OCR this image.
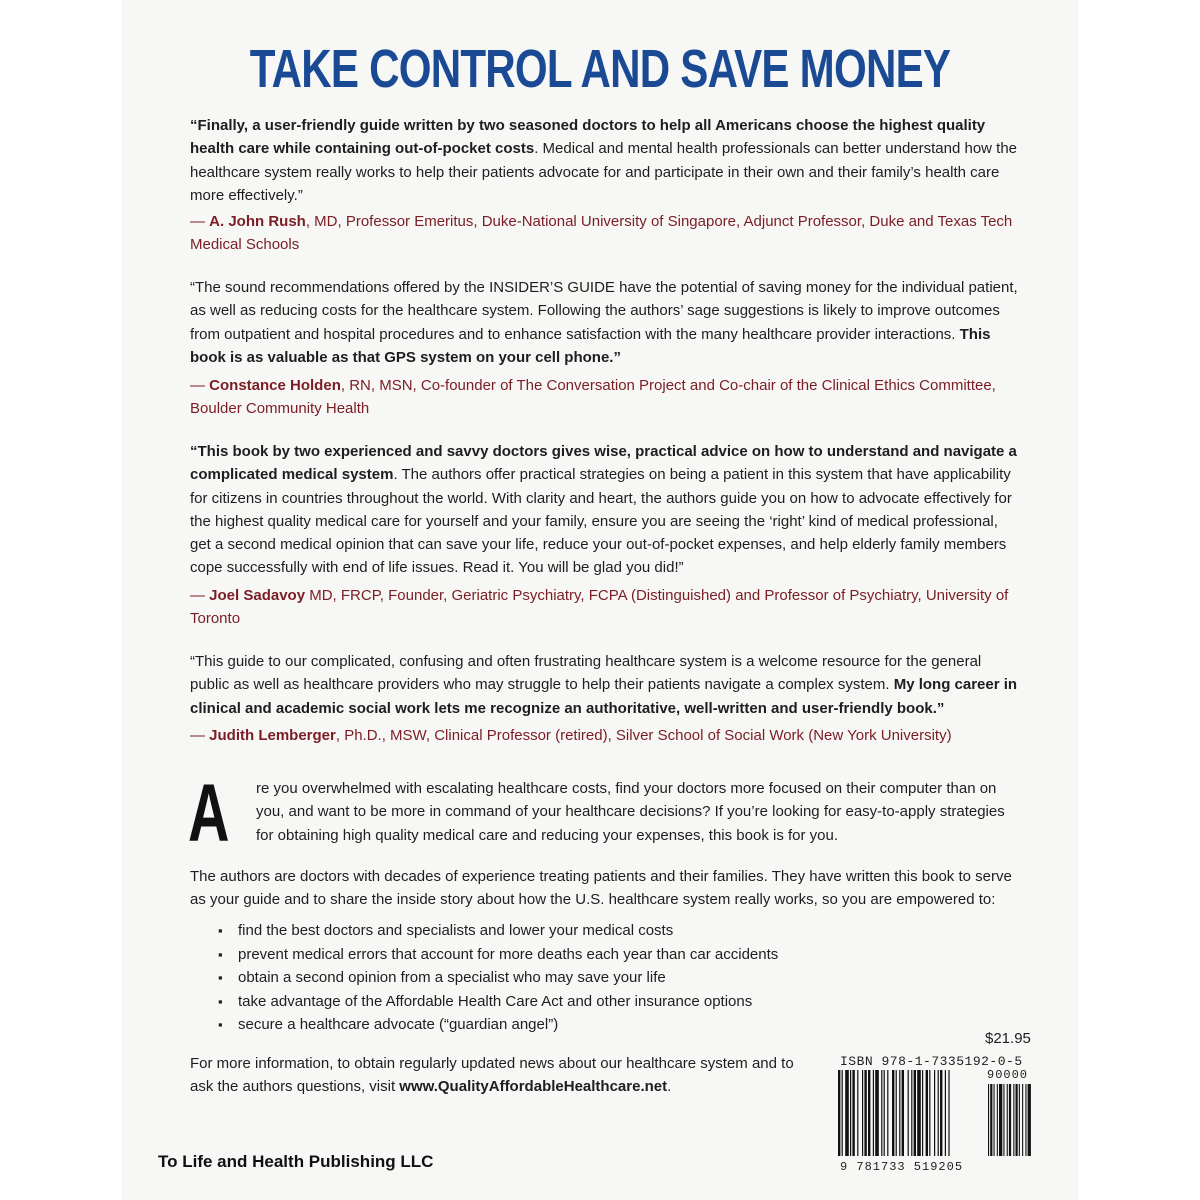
TAKE CONTROL AND SAVE MONEY
“Finally, a user-friendly guide written by two seasoned doctors to help all Americans choose the highest quality health care while containing out-of-pocket costs. Medical and mental health professionals can better understand how the healthcare system really works to help their patients advocate for and participate in their own and their family’s health care more effectively.”
— A. John Rush, MD, Professor Emeritus, Duke-National University of Singapore, Adjunct Professor, Duke and Texas Tech Medical Schools
“The sound recommendations offered by the INSIDER’S GUIDE have the potential of saving money for the individual patient, as well as reducing costs for the healthcare system. Following the authors’ sage suggestions is likely to improve outcomes from outpatient and hospital procedures and to enhance satisfaction with the many healthcare provider interactions. This book is as valuable as that GPS system on your cell phone.”
— Constance Holden, RN, MSN, Co-founder of The Conversation Project and Co-chair of the Clinical Ethics Committee, Boulder Community Health
“This book by two experienced and savvy doctors gives wise, practical advice on how to understand and navigate a complicated medical system. The authors offer practical strategies on being a patient in this system that have applicability for citizens in countries throughout the world. With clarity and heart, the authors guide you on how to advocate effectively for the highest quality medical care for yourself and your family, ensure you are seeing the ‘right’ kind of medical professional, get a second medical opinion that can save your life, reduce your out-of-pocket expenses, and help elderly family members cope successfully with end of life issues. Read it. You will be glad you did!”
— Joel Sadavoy MD, FRCP, Founder, Geriatric Psychiatry, FCPA (Distinguished) and Professor of Psychiatry, University of Toronto
“This guide to our complicated, confusing and often frustrating healthcare system is a welcome resource for the general public as well as healthcare providers who may struggle to help their patients navigate a complex system. My long career in clinical and academic social work lets me recognize an authoritative, well-written and user-friendly book.”
— Judith Lemberger, Ph.D., MSW, Clinical Professor (retired), Silver School of Social Work (New York University)
A re you overwhelmed with escalating healthcare costs, find your doctors more focused on their computer than on you, and want to be more in command of your healthcare decisions? If you’re looking for easy-to-apply strategies for obtaining high quality medical care and reducing your expenses, this book is for you.
The authors are doctors with decades of experience treating patients and their families. They have written this book to serve as your guide and to share the inside story about how the U.S. healthcare system really works, so you are empowered to:
▪ find the best doctors and specialists and lower your medical costs
▪ prevent medical errors that account for more deaths each year than car accidents
▪ obtain a second opinion from a specialist who may save your life
▪ take advantage of the Affordable Health Care Act and other insurance options
▪ secure a healthcare advocate (“guardian angel”)
For more information, to obtain regularly updated news about our healthcare system and to ask the authors questions, visit www.QualityAffordableHealthcare.net.
To Life and Health Publishing LLC
$21.95
ISBN 978-1-7335192-0-5
90000
9 781733 519205
